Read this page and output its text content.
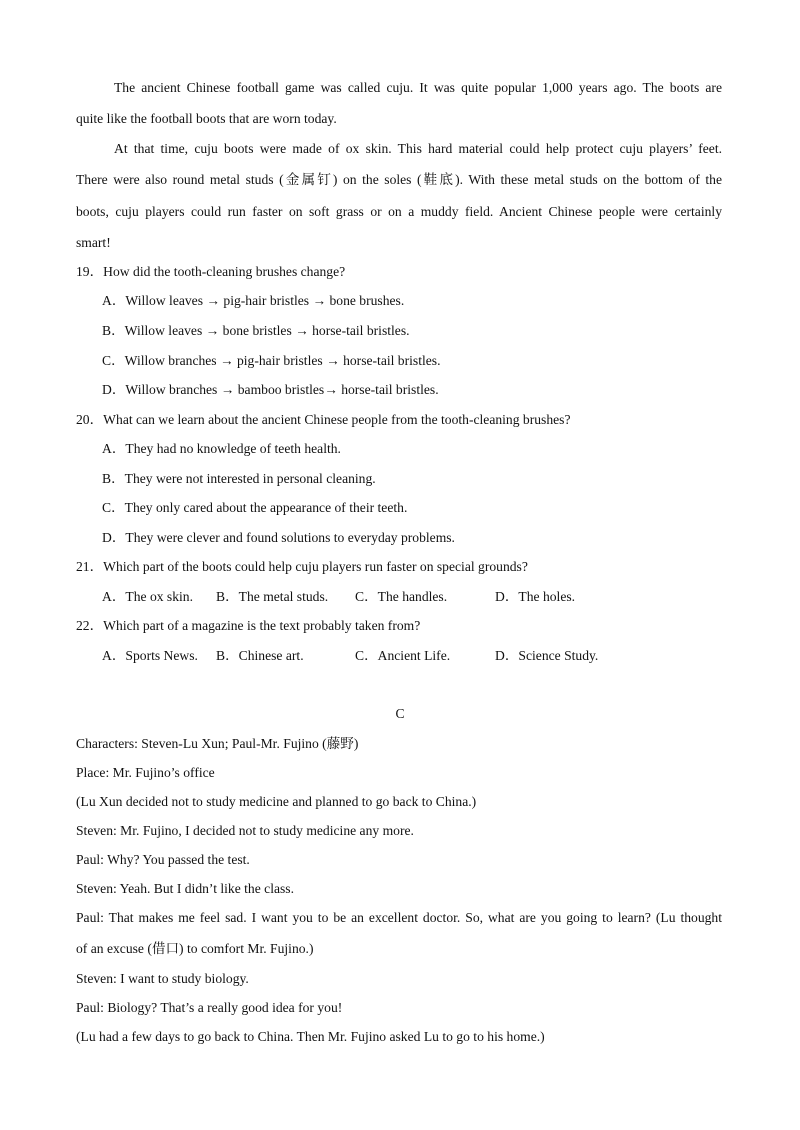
The ancient Chinese football game was called cuju. It was quite popular 1,000 years ago. The boots are
quite like the football boots that are worn today.
At that time, cuju boots were made of ox skin. This hard material could help protect cuju players’ feet.
There were also round metal studs (金属钉) on the soles (鞋底). With these metal studs on the bottom of the
boots, cuju players could run faster on soft grass or on a muddy field. Ancient Chinese people were certainly
smart!
19．How did the tooth-cleaning brushes change?
A．Willow leaves → pig-hair bristles → bone brushes.
B．Willow leaves → bone bristles → horse-tail bristles.
C．Willow branches → pig-hair bristles → horse-tail bristles.
D．Willow branches → bamboo bristles→ horse-tail bristles.
20．What can we learn about the ancient Chinese people from the tooth-cleaning brushes?
A．They had no knowledge of teeth health.
B．They were not interested in personal cleaning.
C．They only cared about the appearance of their teeth.
D．They were clever and found solutions to everyday problems.
21．Which part of the boots could help cuju players run faster on special grounds?
A．The ox skin. B．The metal studs. C．The handles.	D．The holes.
22．Which part of a magazine is the text probably taken from?
A．Sports News. B．Chinese art.	C．Ancient Life.	D．Science Study.
C
Characters: Steven-Lu Xun; Paul-Mr. Fujino (藤野)
Place: Mr. Fujino’s office
(Lu Xun decided not to study medicine and planned to go back to China.)
Steven: Mr. Fujino, I decided not to study medicine any more.
Paul: Why? You passed the test.
Steven: Yeah. But I didn’t like the class.
Paul: That makes me feel sad. I want you to be an excellent doctor. So, what are you going to learn? (Lu thought
of an excuse (借口) to comfort Mr. Fujino.)
Steven: I want to study biology.
Paul: Biology? That’s a really good idea for you!
(Lu had a few days to go back to China. Then Mr. Fujino asked Lu to go to his home.)
